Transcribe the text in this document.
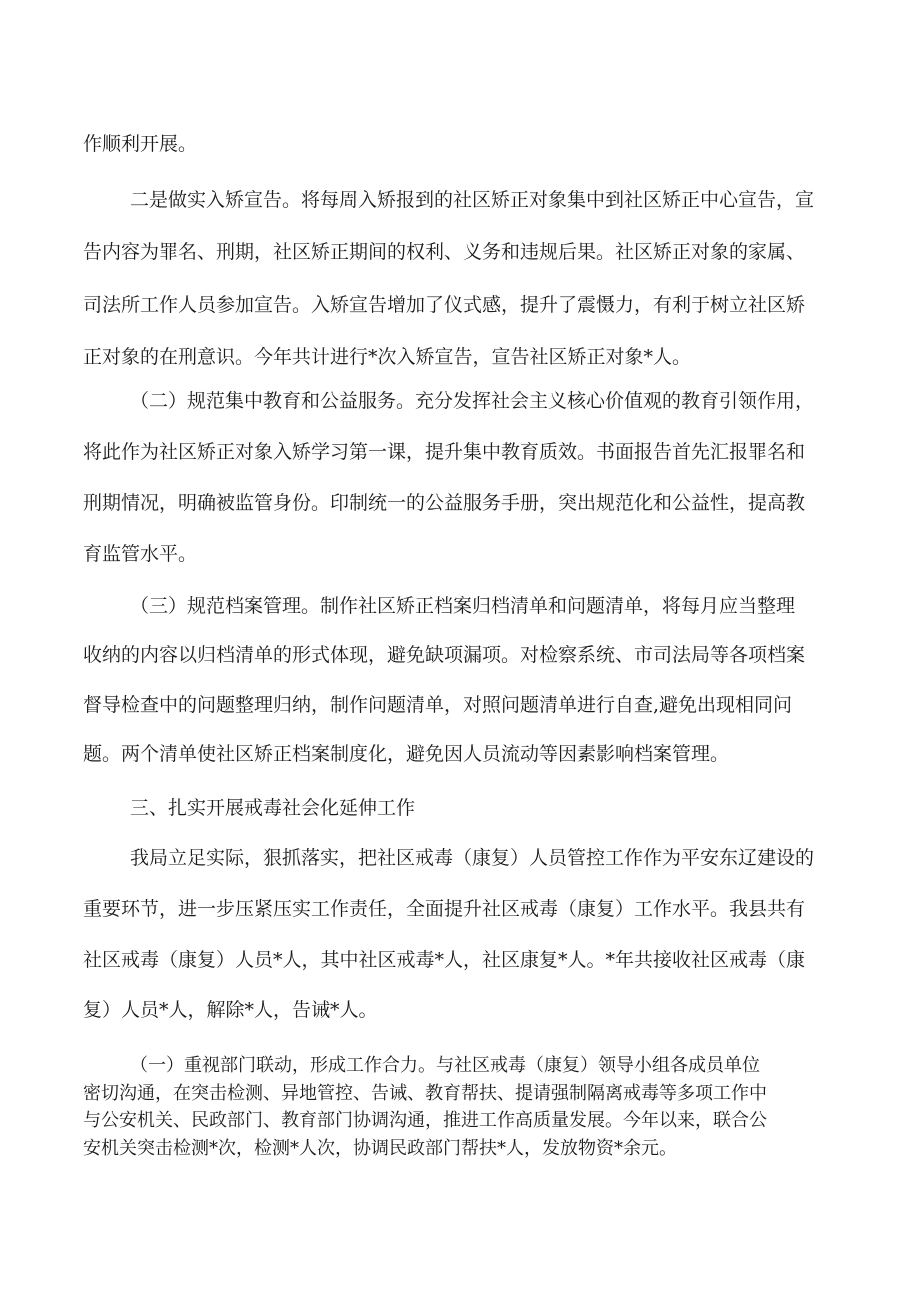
作顺利开展。
二是做实入矫宣告。将每周入矫报到的社区矫正对象集中到社区矫正中心宣告，宣
告内容为罪名、刑期，社区矫正期间的权利、义务和违规后果。社区矫正对象的家属、
司法所工作人员参加宣告。入矫宣告增加了仪式感，提升了震慑力，有利于树立社区矫
正对象的在刑意识。今年共计进行*次入矫宣告，宣告社区矫正对象*人。
（二）规范集中教育和公益服务。充分发挥社会主义核心价值观的教育引领作用，
将此作为社区矫正对象入矫学习第一课，提升集中教育质效。书面报告首先汇报罪名和
刑期情况，明确被监管身份。印制统一的公益服务手册，突出规范化和公益性，提高教
育监管水平。
（三）规范档案管理。制作社区矫正档案归档清单和问题清单，将每月应当整理
收纳的内容以归档清单的形式体现，避免缺项漏项。对检察系统、市司法局等各项档案
督导检查中的问题整理归纳，制作问题清单，对照问题清单进行自查,避免出现相同问
题。两个清单使社区矫正档案制度化，避免因人员流动等因素影响档案管理。
三、扎实开展戒毒社会化延伸工作
我局立足实际，狠抓落实，把社区戒毒（康复）人员管控工作作为平安东辽建设的
重要环节，进一步压紧压实工作责任，全面提升社区戒毒（康复）工作水平。我县共有
社区戒毒（康复）人员*人，其中社区戒毒*人，社区康复*人。*年共接收社区戒毒（康
复）人员*人，解除*人，告诫*人。
（一）重视部门联动，形成工作合力。与社区戒毒（康复）领导小组各成员单位
密切沟通，在突击检测、异地管控、告诫、教育帮扶、提请强制隔离戒毒等多项工作中
与公安机关、民政部门、教育部门协调沟通，推进工作高质量发展。今年以来，联合公
安机关突击检测*次，检测*人次，协调民政部门帮扶*人，发放物资*余元。
